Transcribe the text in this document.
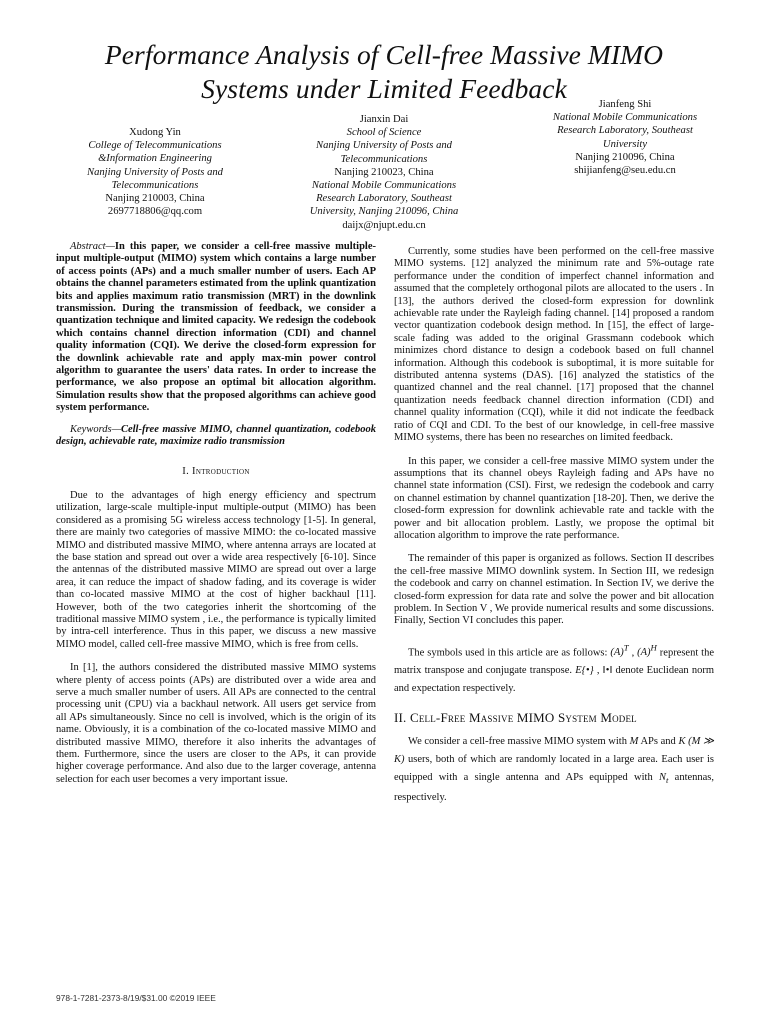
Performance Analysis of Cell-free Massive MIMO
Systems under Limited Feedback
Xudong Yin
College of Telecommunications
&Information Engineering
Nanjing University of Posts and
Telecommunications
Nanjing 210003, China
2697718806@qq.com
Jianxin Dai
School of Science
Nanjing University of Posts and
Telecommunications
Nanjing 210023, China
National Mobile Communications
Research Laboratory, Southeast
University, Nanjing 210096, China
daijx@njupt.edu.cn
Jianfeng Shi
National Mobile Communications
Research Laboratory, Southeast
University
Nanjing 210096, China
shijianfeng@seu.edu.cn

Abstract—In this paper, we consider a cell-free massive multiple-input multiple-output (MIMO) system which contains a large number of access points (APs) and a much smaller number of users. Each AP obtains the channel parameters estimated from the uplink quantization bits and applies maximum ratio transmission (MRT) in the downlink transmission. During the transmission of feedback, we consider a quantization technique and limited capacity. We redesign the codebook which contains channel direction information (CDI) and channel quality information (CQI). We derive the closed-form expression for the downlink achievable rate and apply max-min power control algorithm to guarantee the users' data rates. In order to increase the performance, we also propose an optimal bit allocation algorithm. Simulation results show that the proposed algorithms can achieve good system performance.

Keywords—Cell-free massive MIMO, channel quantization, codebook design, achievable rate, maximize radio transmission

I. Introduction

Due to the advantages of high energy efficiency and spectrum utilization, large-scale multiple-input multiple-output (MIMO) has been considered as a promising 5G wireless access technology [1-5]. In general, there are mainly two categories of massive MIMO: the co-located massive MIMO and distributed massive MIMO, where antenna arrays are located at the base station and spread out over a wide area respectively [6-10]. Since the antennas of the distributed massive MIMO are spread out over a large area, it can reduce the impact of shadow fading, and its coverage is wider than co-located massive MIMO at the cost of higher backhaul [11]. However, both of the two categories inherit the shortcoming of the traditional massive MIMO system , i.e., the performance is typically limited by intra-cell interference. Thus in this paper, we discuss a new massive MIMO model, called cell-free massive MIMO, which is free from cells.

In [1], the authors considered the distributed massive MIMO systems where plenty of access points (APs) are distributed over a wide area and serve a much smaller number of users. All APs are connected to the central processing unit (CPU) via a backhaul network. All users get service from all APs simultaneously. Since no cell is involved, which is the origin of its name. Obviously, it is a combination of the co-located massive MIMO and distributed massive MIMO, therefore it also inherits the advantages of them. Furthermore, since the users are closer to the APs, it can provide higher coverage performance. And also due to the larger coverage, antenna selection for each user becomes a very important issue.

Currently, some studies have been performed on the cell-free massive MIMO systems. [12] analyzed the minimum rate and 5%-outage rate performance under the condition of imperfect channel information and assumed that the completely orthogonal pilots are allocated to the users . In [13], the authors derived the closed-form expression for downlink achievable rate under the Rayleigh fading channel. [14] proposed a random vector quantization codebook design method. In [15], the effect of large-scale fading was added to the original Grassmann codebook which minimizes chord distance to design a codebook based on full channel information. Although this codebook is suboptimal, it is more suitable for distributed antenna systems (DAS). [16] analyzed the statistics of the quantized channel and the real channel. [17] proposed that the channel quantization needs feedback channel direction information (CDI) and channel quality information (CQI), while it did not indicate the feedback ratio of CQI and CDI. To the best of our knowledge, in cell-free massive MIMO systems, there has been no researches on limited feedback.

In this paper, we consider a cell-free massive MIMO system under the assumptions that its channel obeys Rayleigh fading and APs have no channel state information (CSI). First, we redesign the codebook and carry on channel estimation by channel quantization [18-20]. Then, we derive the closed-form expression for downlink achievable rate and tackle with the power and bit allocation problem. Lastly, we propose the optimal bit allocation algorithm to improve the rate performance.

The remainder of this paper is organized as follows. Section II describes the cell-free massive MIMO downlink system. In Section III, we redesign the codebook and carry on channel estimation. In Section IV, we derive the closed-form expression for data rate and solve the power and bit allocation problem. In Section V , We provide numerical results and some discussions. Finally, Section VI concludes this paper.

The symbols used in this article are as follows: $(A)^T$ , $(A)^H$ represent the matrix transpose and conjugate transpose. E{•} , ‖•‖ denote Euclidean norm and expectation respectively.

II. Cell-Free Massive MIMO System Model

We consider a cell-free massive MIMO system with M APs and K (M ≫ K) users, both of which are randomly located in a large area. Each user is equipped with a single antenna and APs equipped with $N_t$ antennas, respectively.

978-1-7281-2373-8/19/$31.00 ©2019 IEEE
